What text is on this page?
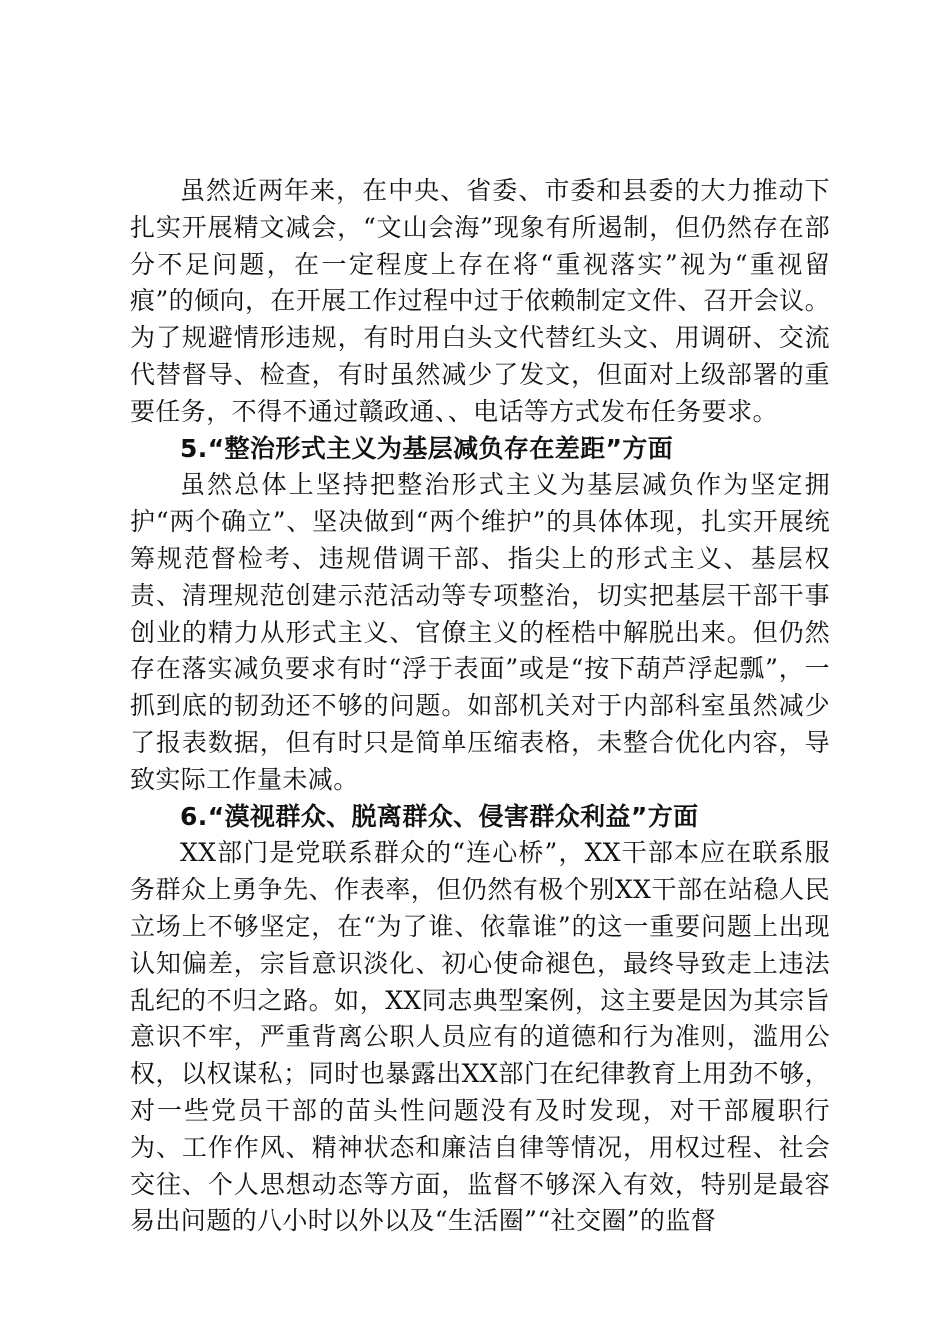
虽然近两年来，在中央、省委、市委和县委的大力推动下扎实开展精文减会，“文山会海”现象有所遏制，但仍然存在部分不足问题，在一定程度上存在将“重视落实”视为“重视留痕”的倾向，在开展工作过程中过于依赖制定文件、召开会议。为了规避情形违规，有时用白头文代替红头文、用调研、交流代替督导、检查，有时虽然减少了发文，但面对上级部署的重要任务，不得不通过赣政通、、电话等方式发布任务要求。

5.“整治形式主义为基层减负存在差距”方面

虽然总体上坚持把整治形式主义为基层减负作为坚定拥护“两个确立”、坚决做到“两个维护”的具体体现，扎实开展统筹规范督检考、违规借调干部、指尖上的形式主义、基层权责、清理规范创建示范活动等专项整治，切实把基层干部干事创业的精力从形式主义、官僚主义的桎梏中解脱出来。但仍然存在落实减负要求有时“浮于表面”或是“按下葫芦浮起瓢”，一抓到底的韧劲还不够的问题。如部机关对于内部科室虽然减少了报表数据，但有时只是简单压缩表格，未整合优化内容，导致实际工作量未减。

6.“漠视群众、脱离群众、侵害群众利益”方面

XX部门是党联系群众的“连心桥”，XX干部本应在联系服务群众上勇争先、作表率，但仍然有极个别XX干部在站稳人民立场上不够坚定，在“为了谁、依靠谁”的这一重要问题上出现认知偏差，宗旨意识淡化、初心使命褪色，最终导致走上违法乱纪的不归之路。如，XX同志典型案例，这主要是因为其宗旨意识不牢，严重背离公职人员应有的道德和行为准则，滥用公权，以权谋私；同时也暴露出XX部门在纪律教育上用劲不够，对一些党员干部的苗头性问题没有及时发现，对干部履职行为、工作作风、精神状态和廉洁自律等情况，用权过程、社会交往、个人思想动态等方面，监督不够深入有效，特别是最容易出问题的八小时以外以及“生活圈”“社交圈”的监督
